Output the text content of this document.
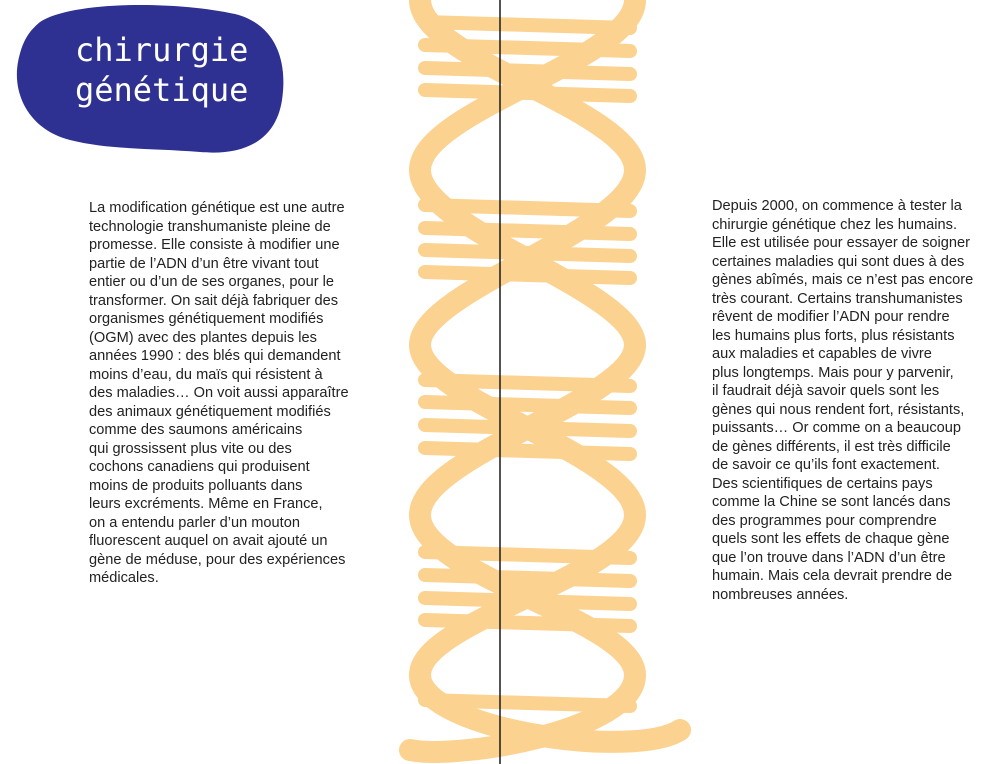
chirurgie
génétique
La modification génétique est une autre
technologie transhumaniste pleine de
promesse. Elle consiste à modifier une
partie de l’ADN d’un être vivant tout
entier ou d’un de ses organes, pour le
transformer. On sait déjà fabriquer des
organismes génétiquement modifiés
(OGM) avec des plantes depuis les
années 1990 : des blés qui demandent
moins d’eau, du maïs qui résistent à
des maladies… On voit aussi apparaître
des animaux génétiquement modifiés
comme des saumons américains
qui grossissent plus vite ou des
cochons canadiens qui produisent
moins de produits polluants dans
leurs excréments. Même en France,
on a entendu parler d’un mouton
fluorescent auquel on avait ajouté un
gène de méduse, pour des expériences
médicales.
Depuis 2000, on commence à tester la
chirurgie génétique chez les humains.
Elle est utilisée pour essayer de soigner
certaines maladies qui sont dues à des
gènes abîmés, mais ce n’est pas encore
très courant. Certains transhumanistes
rêvent de modifier l’ADN pour rendre
les humains plus forts, plus résistants
aux maladies et capables de vivre
plus longtemps. Mais pour y parvenir,
il faudrait déjà savoir quels sont les
gènes qui nous rendent fort, résistants,
puissants… Or comme on a beaucoup
de gènes différents, il est très difficile
de savoir ce qu’ils font exactement.
Des scientifiques de certains pays
comme la Chine se sont lancés dans
des programmes pour comprendre
quels sont les effets de chaque gène
que l’on trouve dans l’ADN d’un être
humain. Mais cela devrait prendre de
nombreuses années.
